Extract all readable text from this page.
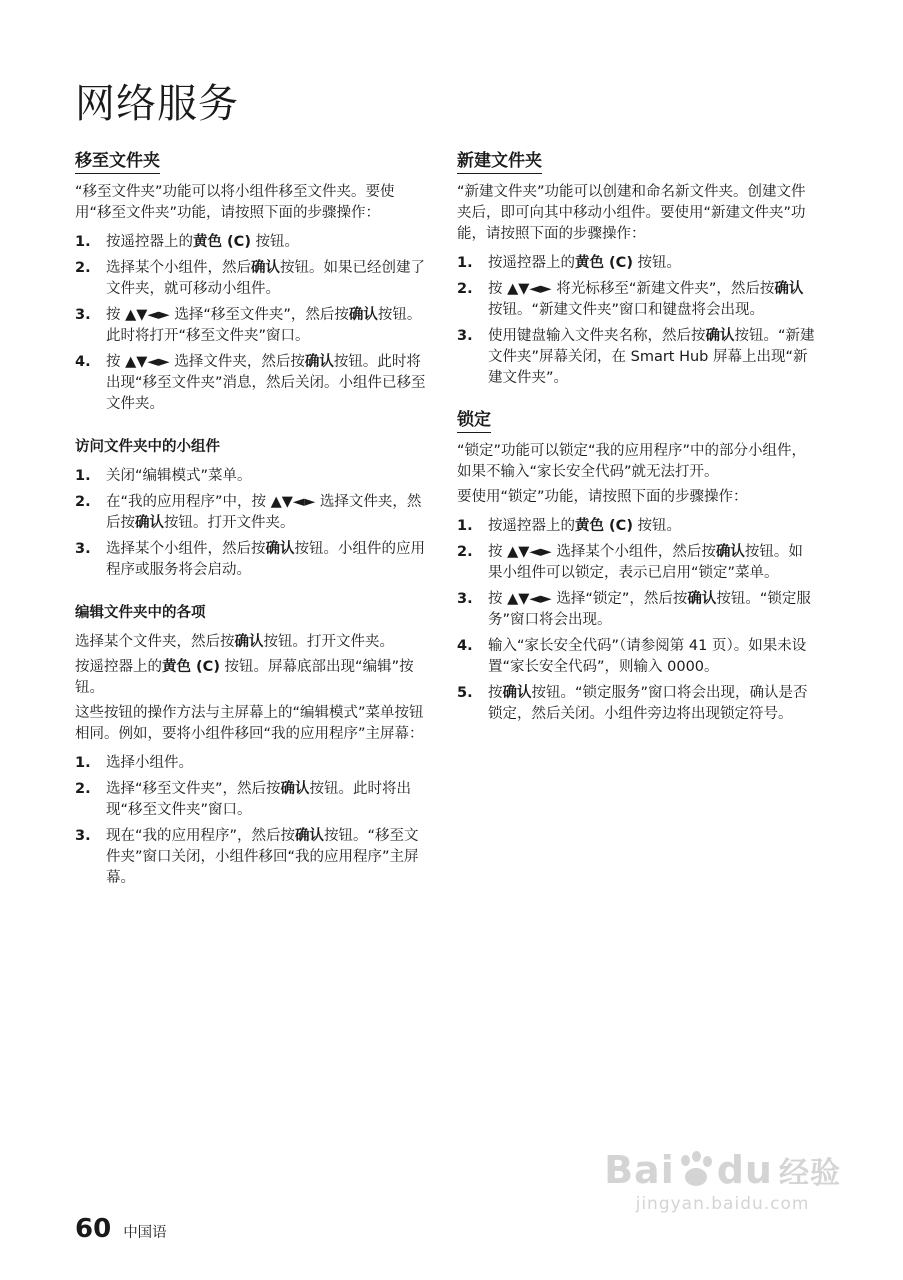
网络服务
移至文件夹

“移至文件夹”功能可以将小组件移至文件夹。要使用“移至文件夹”功能，请按照下面的步骤操作：

1. 按遥控器上的黄色 (C) 按钮。
2. 选择某个小组件，然后确认按钮。如果已经创建了文件夹，就可移动小组件。
3. 按 ▲▼◄► 选择“移至文件夹”，然后按确认按钮。此时将打开“移至文件夹”窗口。
4. 按 ▲▼◄► 选择文件夹，然后按确认按钮。此时将出现“移至文件夹”消息，然后关闭。小组件已移至文件夹。
访问文件夹中的小组件
1. 关闭“编辑模式”菜单。
2. 在“我的应用程序”中，按 ▲▼◄► 选择文件夹，然后按确认按钮。打开文件夹。
3. 选择某个小组件，然后按确认按钮。小组件的应用程序或服务将会启动。
编辑文件夹中的各项

选择某个文件夹，然后按确认按钮。打开文件夹。

按遥控器上的黄色 (C) 按钮。屏幕底部出现“编辑”按钮。

这些按钮的操作方法与主屏幕上的“编辑模式”菜单按钮相同。例如，要将小组件移回“我的应用程序”主屏幕：

1. 选择小组件。
2. 选择“移至文件夹”，然后按确认按钮。此时将出现“移至文件夹”窗口。
3. 现在“我的应用程序”，然后按确认按钮。“移至文件夹”窗口关闭，小组件移回“我的应用程序”主屏幕。
新建文件夹

“新建文件夹”功能可以创建和命名新文件夹。创建文件夹后，即可向其中移动小组件。要使用“新建文件夹”功能，请按照下面的步骤操作：

1. 按遥控器上的黄色 (C) 按钮。
2. 按 ▲▼◄► 将光标移至“新建文件夹”，然后按确认按钮。“新建文件夹”窗口和键盘将会出现。
3. 使用键盘输入文件夹名称，然后按确认按钮。“新建文件夹”屏幕关闭，在 Smart Hub 屏幕上出现“新建文件夹”。
锁定

“锁定”功能可以锁定“我的应用程序”中的部分小组件，如果不输入“家长安全代码”就无法打开。

要使用“锁定”功能，请按照下面的步骤操作：

1. 按遥控器上的黄色 (C) 按钮。
2. 按 ▲▼◄► 选择某个小组件，然后按确认按钮。如果小组件可以锁定，表示已启用“锁定”菜单。
3. 按 ▲▼◄► 选择“锁定”，然后按确认按钮。“锁定服务”窗口将会出现。
4. 输入“家长安全代码”（请参阅第 41 页）。如果未设置“家长安全代码”，则输入 0000。
5. 按确认按钮。“锁定服务”窗口将会出现，确认是否锁定，然后关闭。小组件旁边将出现锁定符号。
60 中国语
Bai du 经验
jingyan.baidu.com
